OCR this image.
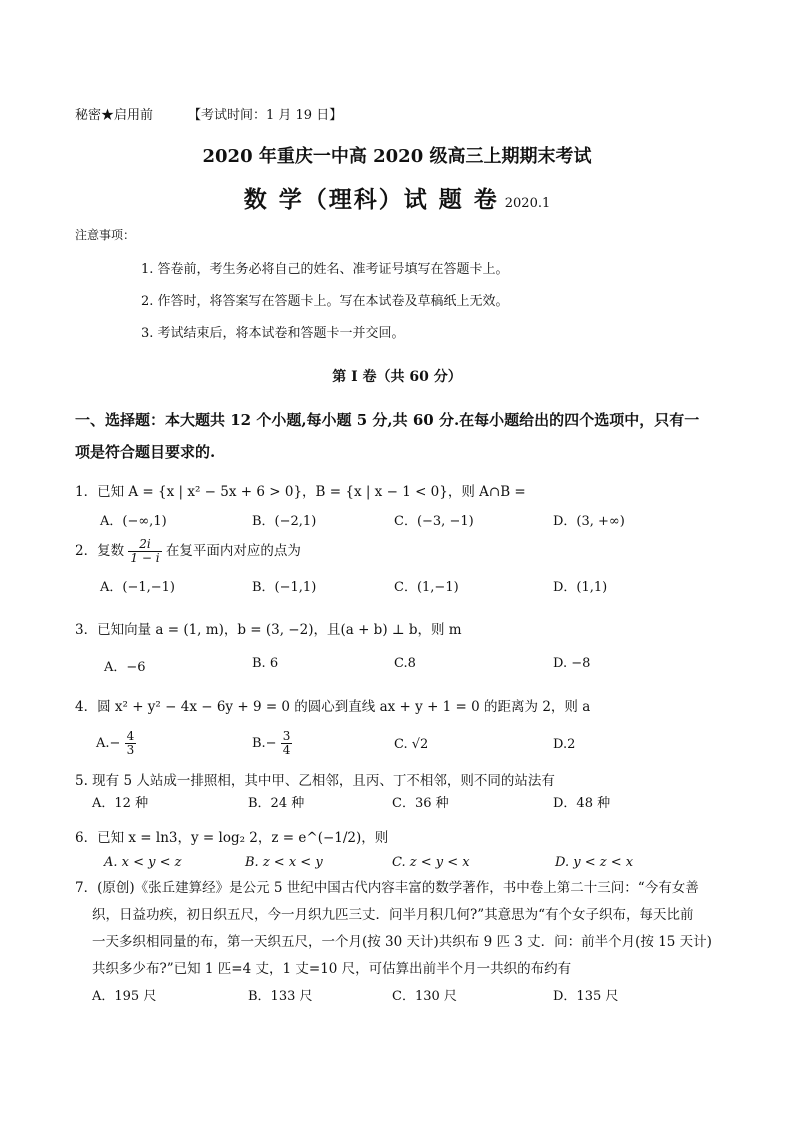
秘密★启用前	【考试时间：1 月 19 日】
2020 年重庆一中高 2020 级高三上期期末考试
数 学（理科）试 题 卷 2020.1
注意事项：
1. 答卷前，考生务必将自己的姓名、准考证号填写在答题卡上。
2. 作答时，将答案写在答题卡上。写在本试卷及草稿纸上无效。
3. 考试结束后，将本试卷和答题卡一并交回。
第 I 卷（共 60 分）
一、选择题：本大题共 12 个小题,每小题 5 分,共 60 分.在每小题给出的四个选项中，只有一
项是符合题目要求的.
1．已知 A = {x | x² − 5x + 6 > 0}，B = {x | x − 1 < 0}，则 A∩B =
A．(−∞,1)	B．(−2,1)	C．(−3, −1)	D．(3, +∞)
2．复数 $\frac{2i}{1 - i}$ 在复平面内对应的点为
A．(−1,−1)	B．(−1,1)	C．(1,−1)	D．(1,1)
3．已知向量 a = (1, m)，b = (3, −2)，且(a + b) ⊥ b，则 m
A．−6	B. 6	C.8	D. −8
4．圆 x² + y² − 4x − 6y + 9 = 0 的圆心到直线 ax + y + 1 = 0 的距离为 2，则 a
$A.- \frac{4}{3}$	$B.- \frac{3}{4}$	C. √2	D.2
5. 现有 5 人站成一排照相，其中甲、乙相邻，且丙、丁不相邻，则不同的站法有
A．12 种	B．24 种	C．36 种	D．48 种
6．已知 x = ln3，y = log₂ 2，z = e^(−1/2)，则
A. x < y < z	B. z < x < y	C. z < y < x	D. y < z < x
7．(原创)《张丘建算经》是公元 5 世纪中国古代内容丰富的数学著作，书中卷上第二十三问：“今有女善
织，日益功疾，初日织五尺，今一月织九匹三丈．问半月积几何?”其意思为“有个女子织布，每天比前
一天多织相同量的布，第一天织五尺，一个月(按 30 天计)共织布 9 匹 3 丈．问：前半个月(按 15 天计)
共织多少布?”已知 1 匹=4 丈，1 丈=10 尺，可估算出前半个月一共织的布约有
A．195 尺	B．133 尺	C．130 尺	D．135 尺
